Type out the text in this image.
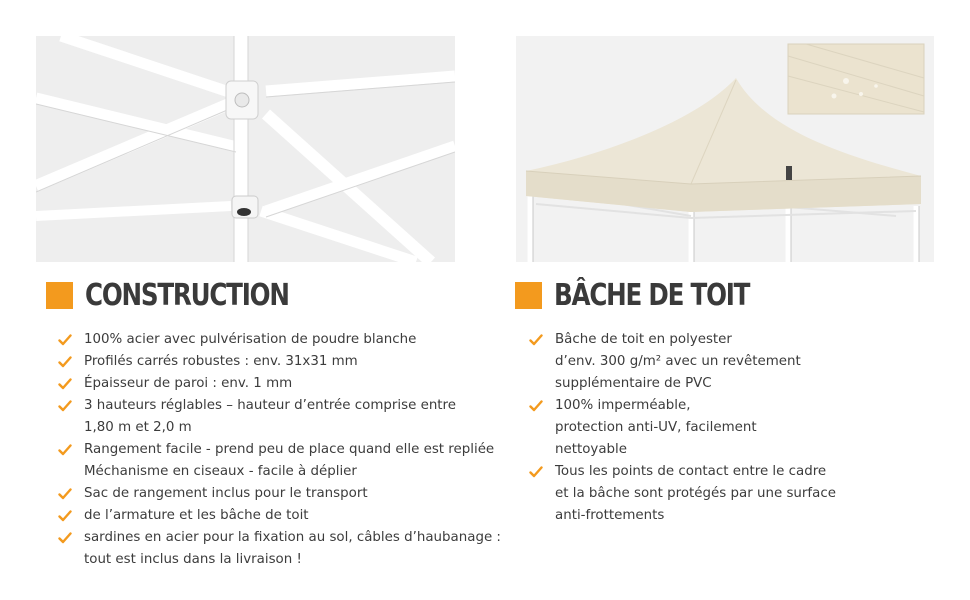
CONSTRUCTION	BÂCHE DE TOIT
100% acier avec pulvérisation de poudre blanche
Profilés carrés robustes : env. 31x31 mm
Épaisseur de paroi : env. 1 mm
3 hauteurs réglables – hauteur d’entrée comprise entre
1,80 m et 2,0 m
Rangement facile - prend peu de place quand elle est repliée
Méchanisme en ciseaux - facile à déplier
Sac de rangement inclus pour le transport
de l’armature et les bâche de toit
sardines en acier pour la fixation au sol, câbles d’haubanage :
tout est inclus dans la livraison !
Bâche de toit en polyester
d’env. 300 g/m² avec un revêtement
supplémentaire de PVC
100% imperméable,
protection anti-UV, facilement
nettoyable
Tous les points de contact entre le cadre
et la bâche sont protégés par une surface
anti-frottements
